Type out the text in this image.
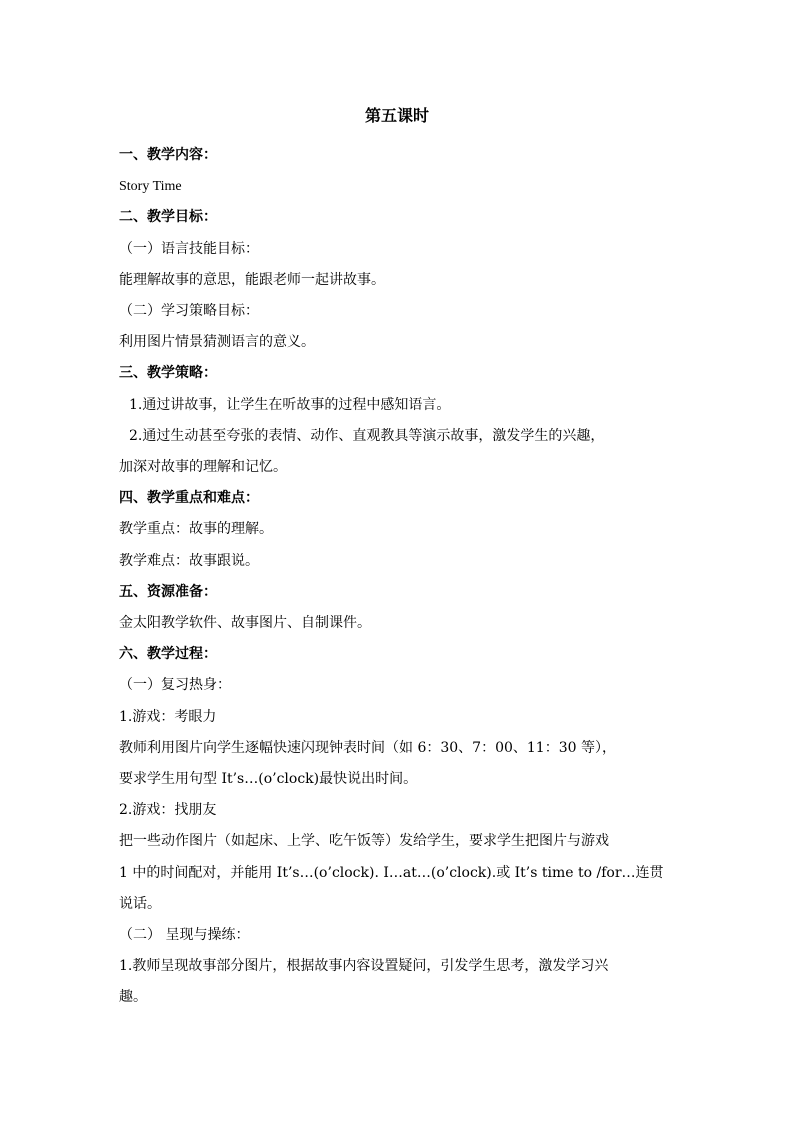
第五课时

一、教学内容：

Story Time

二、教学目标：

（一）语言技能目标：

能理解故事的意思，能跟老师一起讲故事。

（二）学习策略目标：

利用图片情景猜测语言的意义。

三、教学策略：

1.通过讲故事，让学生在听故事的过程中感知语言。

2.通过生动甚至夸张的表情、动作、直观教具等演示故事，激发学生的兴趣，

加深对故事的理解和记忆。

四、教学重点和难点：

教学重点：故事的理解。

教学难点：故事跟说。

五、资源准备：

金太阳教学软件、故事图片、自制课件。

六、教学过程：

（一）复习热身：

1.游戏：考眼力

教师利用图片向学生逐幅快速闪现钟表时间（如 6：30、7：00、11：30 等），

要求学生用句型 It’s…(o’clock)最快说出时间。

2.游戏：找朋友

把一些动作图片（如起床、上学、吃午饭等）发给学生，要求学生把图片与游戏

1 中的时间配对，并能用 It’s…(o’clock). I…at…(o’clock).或 It’s time to /for…连贯

说话。

（二） 呈现与操练：

1.教师呈现故事部分图片，根据故事内容设置疑问，引发学生思考，激发学习兴

趣。
